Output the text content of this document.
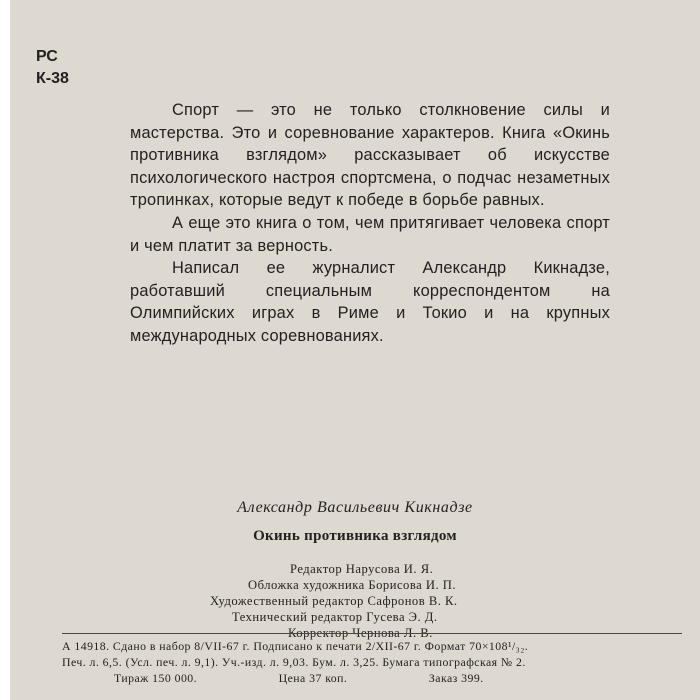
РС
К-38

Спорт — это не только столкновение силы и мастерства. Это и соревнование характеров. Книга «Окинь противника взглядом» рассказывает об искусстве психологического настроя спортсмена, о подчас незаметных тропинках, которые ведут к победе в борьбе равных.

А еще это книга о том, чем притягивает человека спорт и чем платит за верность.

Написал ее журналист Александр Кикнадзе, работавший специальным корреспондентом на Олимпийских играх в Риме и Токио и на крупных международных соревнованиях.

Александр Васильевич Кикнадзе
Окинь противника взглядом
Редактор Нарусова И. Я.
Обложка художника Борисова И. П.
Художественный редактор Сафронов В. К.
Технический редактор Гусева Э. Д.
Корректор Чернова Л. В.
А 14918. Сдано в набор 8/VII-67 г. Подписано к печати 2/XII-67 г. Формат 70×108¹/₃₂.
Печ. л. 6,5. (Усл. печ. л. 9,1). Уч.-изд. л. 9,03. Бум. л. 3,25. Бумага типографская № 2.
Тираж 150 000.                        Цена 37 коп.                        Заказ 399.
